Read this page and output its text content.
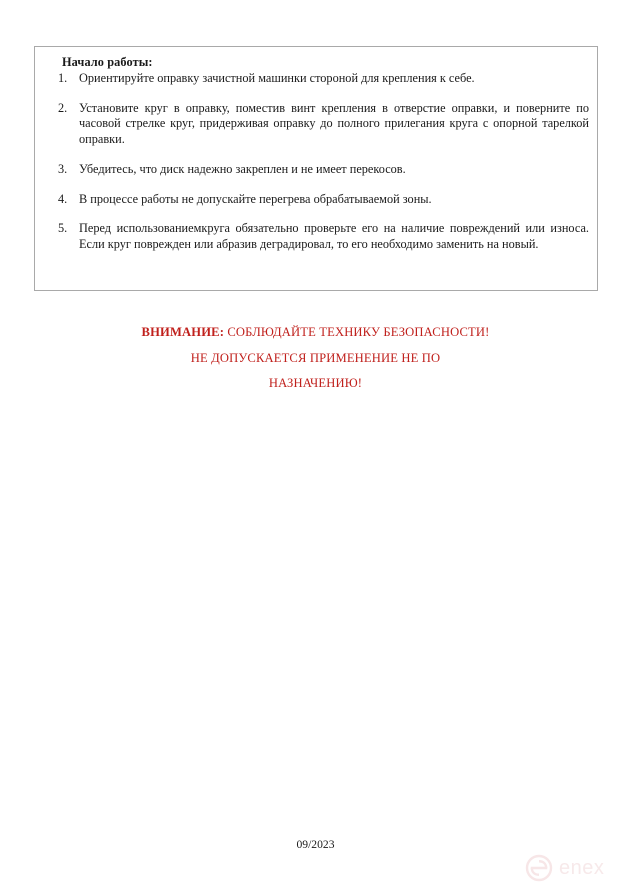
Начало работы:
1. Ориентируйте оправку зачистной машинки стороной для крепления к себе.
2. Установите круг в оправку, поместив винт крепления в отверстие оправки, и поверните по часовой стрелке круг, придерживая оправку до полного прилегания круга с опорной тарелкой оправки.
3. Убедитесь, что диск надежно закреплен и не имеет перекосов.
4. В процессе работы не допускайте перегрева обрабатываемой зоны.
5. Перед использованиемкруга обязательно проверьте его на наличие повреждений или износа. Если круг поврежден или абразив деградировал, то его необходимо заменить на новый.
ВНИМАНИЕ: СОБЛЮДАЙТЕ ТЕХНИКУ БЕЗОПАСНОСТИ!
НЕ ДОПУСКАЕТСЯ ПРИМЕНЕНИЕ НЕ ПО
НАЗНАЧЕНИЮ!
09/2023
enex
